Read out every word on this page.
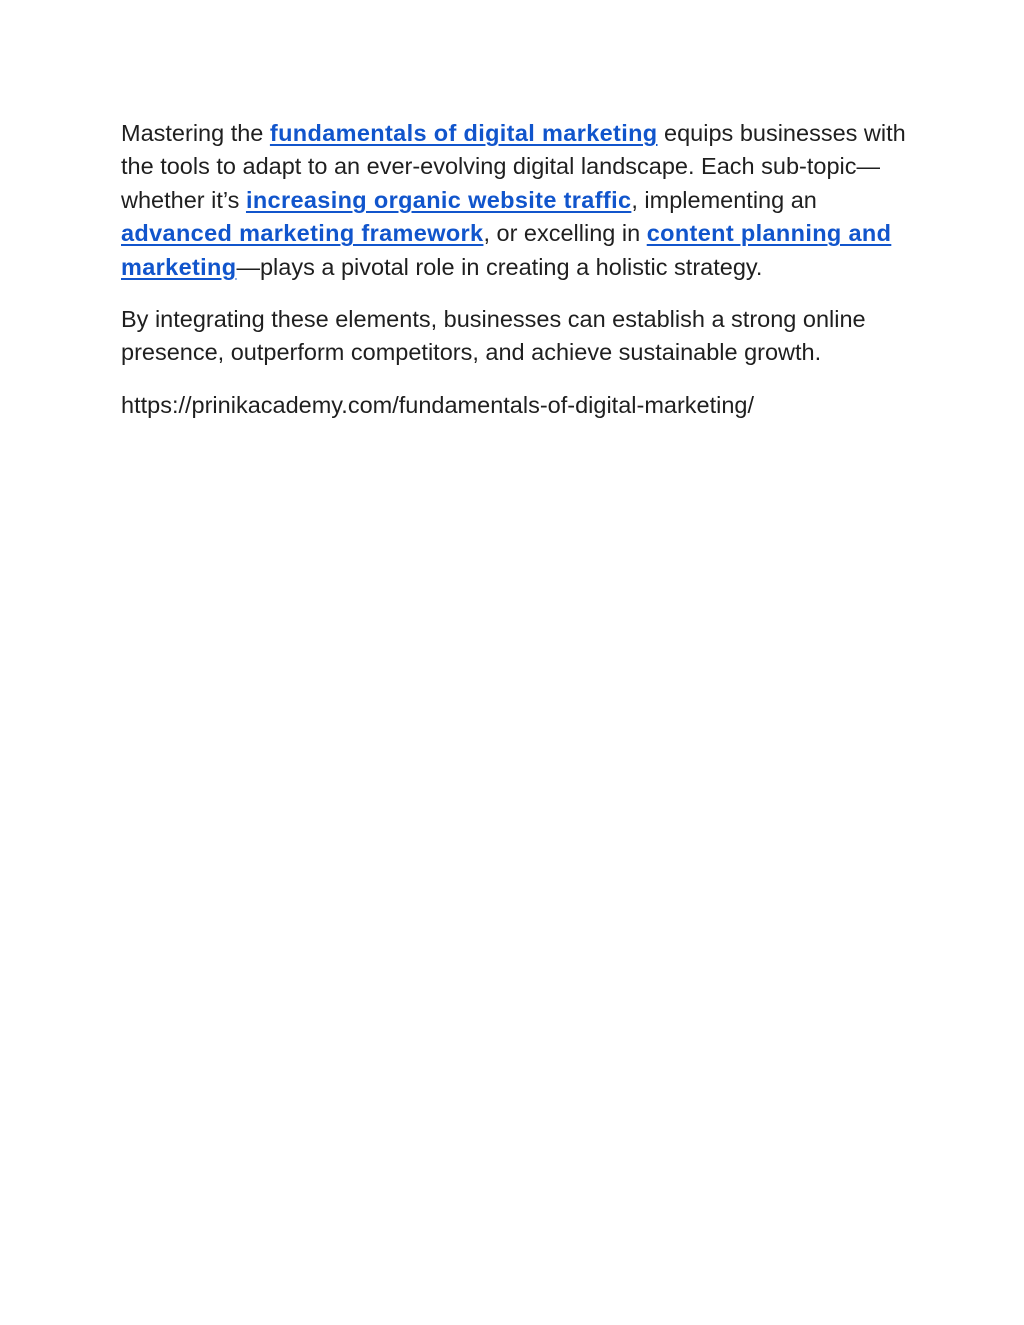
Mastering the fundamentals of digital marketing equips businesses with the tools to adapt to an ever-evolving digital landscape. Each sub-topic—whether it’s increasing organic website traffic, implementing an advanced marketing framework, or excelling in content planning and marketing—plays a pivotal role in creating a holistic strategy.

By integrating these elements, businesses can establish a strong online presence, outperform competitors, and achieve sustainable growth.

https://prinikacademy.com/fundamentals-of-digital-marketing/
